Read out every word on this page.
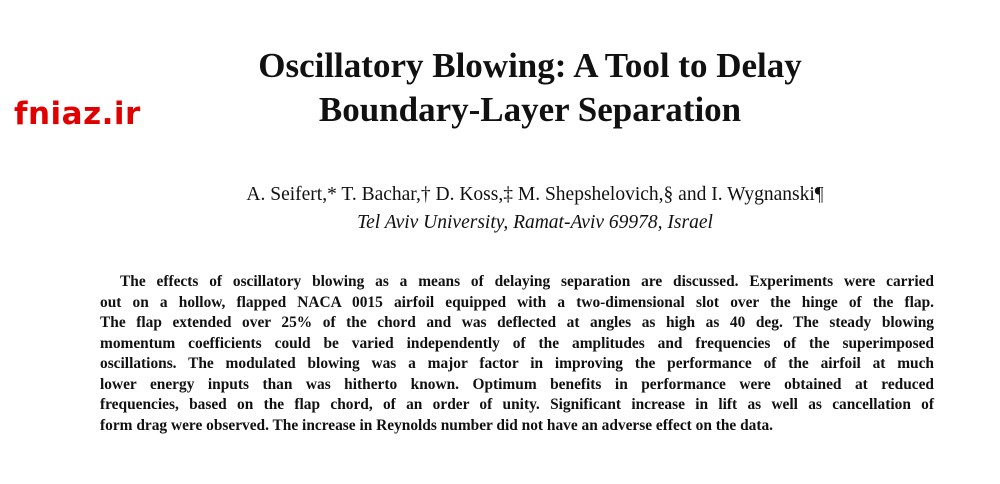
Oscillatory Blowing: A Tool to Delay
Boundary-Layer Separation
fniaz.ir
A. Seifert,* T. Bachar,† D. Koss,‡ M. Shepshelovich,§ and I. Wygnanski¶
Tel Aviv University, Ramat-Aviv 69978, Israel

The effects of oscillatory blowing as a means of delaying separation are discussed. Experiments were carried
out on a hollow, flapped NACA 0015 airfoil equipped with a two-dimensional slot over the hinge of the flap.
The flap extended over 25% of the chord and was deflected at angles as high as 40 deg. The steady blowing
momentum coefficients could be varied independently of the amplitudes and frequencies of the superimposed
oscillations. The modulated blowing was a major factor in improving the performance of the airfoil at much
lower energy inputs than was hitherto known. Optimum benefits in performance were obtained at reduced
frequencies, based on the flap chord, of an order of unity. Significant increase in lift as well as cancellation of
form drag were observed. The increase in Reynolds number did not have an adverse effect on the data.
